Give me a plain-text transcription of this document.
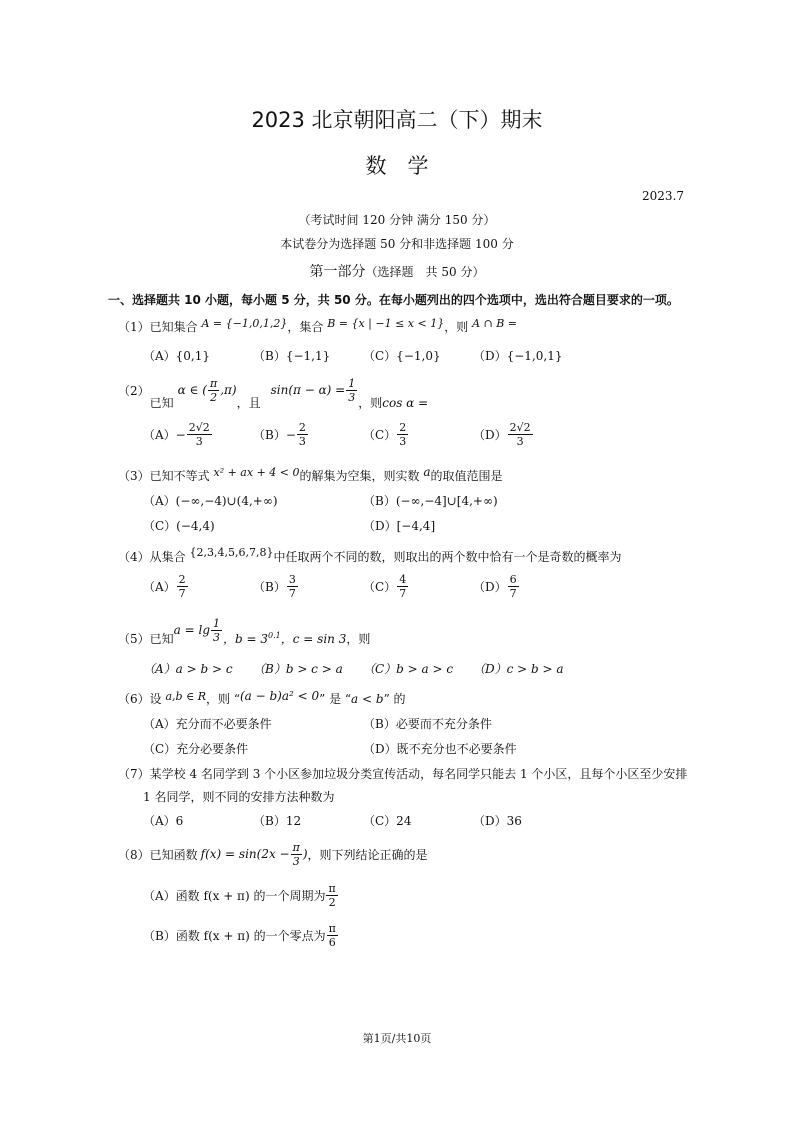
2023 北京朝阳高二（下）期末
数　学
2023.7
（考试时间 120 分钟 满分 150 分）
本试卷分为选择题 50 分和非选择题 100 分
第一部分（选择题　共 50 分）
一、选择题共 10 小题，每小题 5 分，共 50 分。在每小题列出的四个选项中，选出符合题目要求的一项。
（1）已知集合 A = {−1,0,1,2}，集合 B = {x | −1 ≤ x < 1}，则 A ∩ B =
（A）{0,1}	（B）{−1,1}	（C）{−1,0}	（D）{−1,0,1}
（2）
已知
α ∈ ( $\frac{\pi}{2} ,\pi$)
，且
$\sin(\pi - \alpha) = \frac{1}{3}$ ，则 cos α =
$(A) - \frac{2√2}{3}$	$(B) - \frac{2}{3}$	$(C) \frac{2}{3}$	$(D) \frac{2√2}{3}$
（3）已知不等式 x² + ax + 4 < 0的解集为空集，则实数 a的取值范围是
（A）(−∞,−4)∪(4,+∞)	（B）(−∞,−4]∪[4,+∞)
（C）(−4,4)	（D）[−4,4]
（4）从集合 {2,3,4,5,6,7,8}中任取两个不同的数，则取出的两个数中恰有一个是奇数的概率为
$(A) \frac{2}{7}$	$(B) \frac{3}{7}$	$(C) \frac{4}{7}$	$(D) \frac{6}{7}$
（5） 已知
$a = \lg \frac{1}{3}$ ，$b = 3^{0.1}$，c = sin 3 ，则
（A）a > b > c （B）b > c > a （C）b > a > c （D）c > b > a
（6）设 a,b ∈ R，则 “(a − b)a² < 0” 是 “a < b” 的
（A）充分而不必要条件	（B）必要而不充分条件
（C）充分必要条件	（D）既不充分也不必要条件
（7）某学校 4 名同学到 3 个小区参加垃圾分类宣传活动，每名同学只能去 1 个小区，且每个小区至少安排
1 名同学，则不同的安排方法种数为
（A）6	（B）12	（C）24	（D）36
（8） 已知函数 $f(x) = \sin(2x - \frac{\pi}{3}$ ) ，则下列结论正确的是
（A） 函数 f(x + π) 的一个周期为 $\frac{\pi}{2}$
（B） 函数 f(x + π) 的一个零点为 $\frac{\pi}{6}$
第1页/共10页
